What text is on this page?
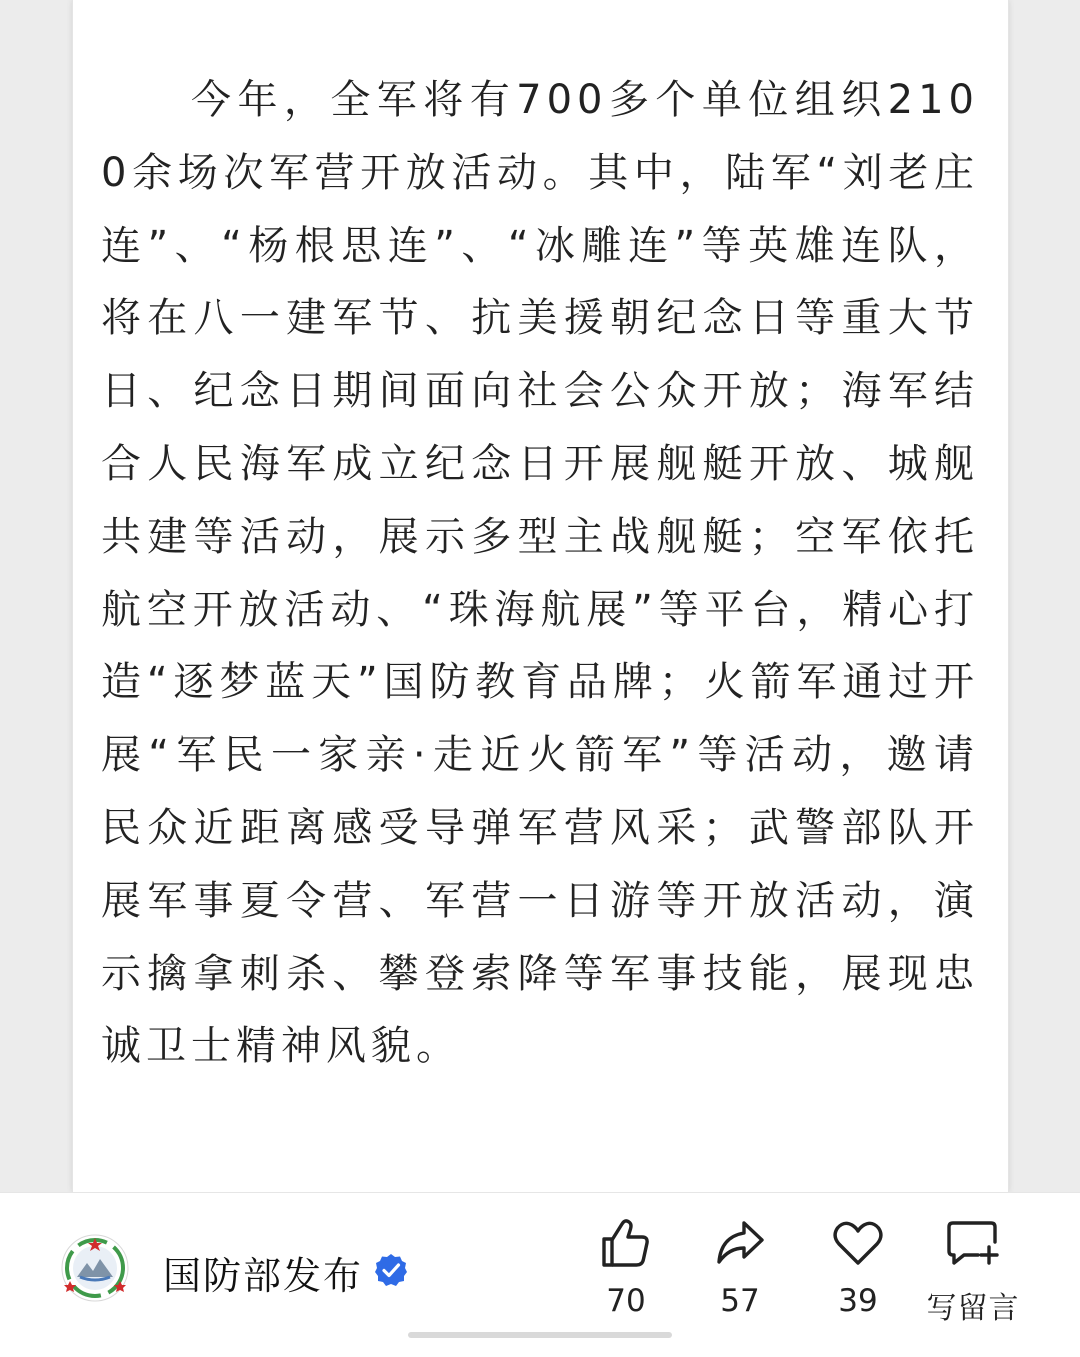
今年，全军将有700多个单位组织2100余场次军营开放活动。其中，陆军“刘老庄连”、“杨根思连”、“冰雕连”等英雄连队，将在八一建军节、抗美援朝纪念日等重大节日、纪念日期间面向社会公众开放；海军结合人民海军成立纪念日开展舰艇开放、城舰共建等活动，展示多型主战舰艇；空军依托航空开放活动、“珠海航展”等平台，精心打造“逐梦蓝天”国防教育品牌；火箭军通过开展“军民一家亲·走近火箭军”等活动，邀请民众近距离感受导弹军营风采；武警部队开展军事夏令营、军营一日游等开放活动，演示擒拿刺杀、攀登索降等军事技能，展现忠诚卫士精神风貌。

国防部发布
70	57	39	写留言
